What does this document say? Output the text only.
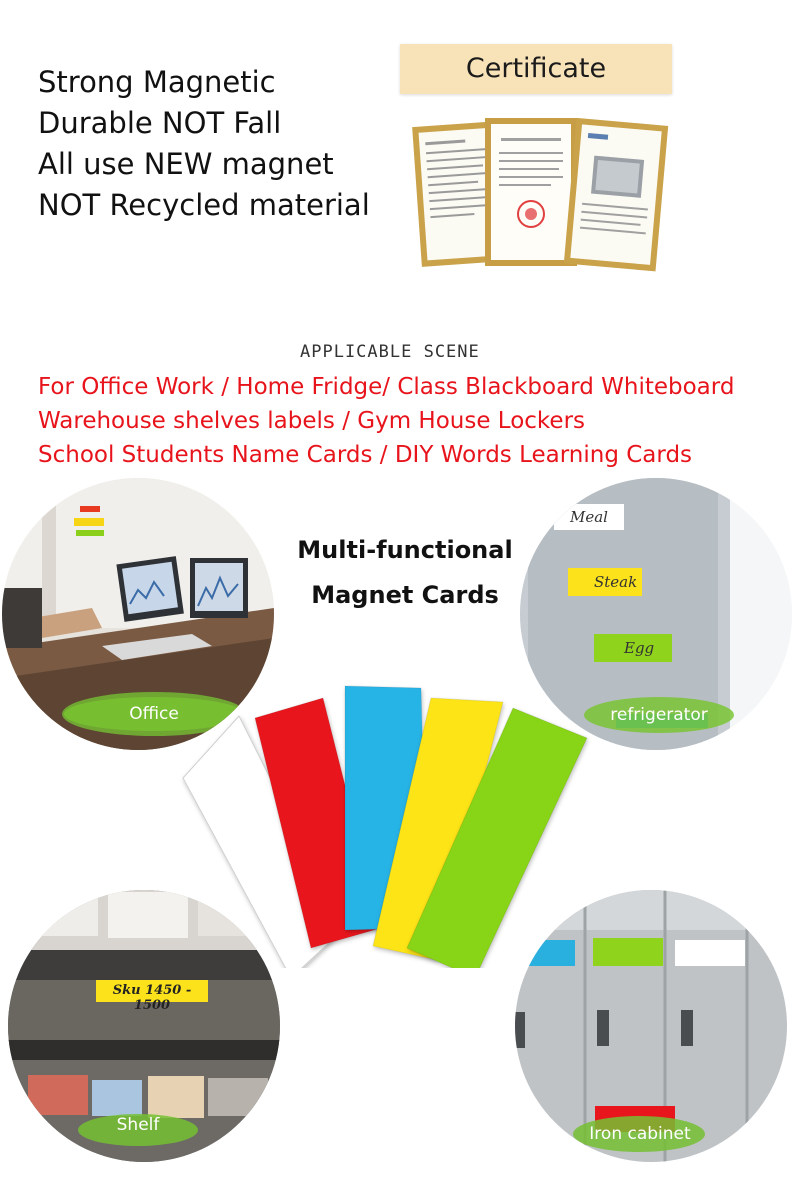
Strong Magnetic
Durable NOT Fall
All use NEW magnet
NOT Recycled material
Certificate
APPLICABLE SCENE
For Office Work / Home Fridge/ Class Blackboard Whiteboard
Warehouse shelves labels / Gym House Lockers
School Students Name Cards / DIY Words Learning Cards
Multi-functional
Magnet Cards
Office
Meal
Steak
Egg
refrigerator
Sku 1450 - 1500
Shelf	Iron cabinet
